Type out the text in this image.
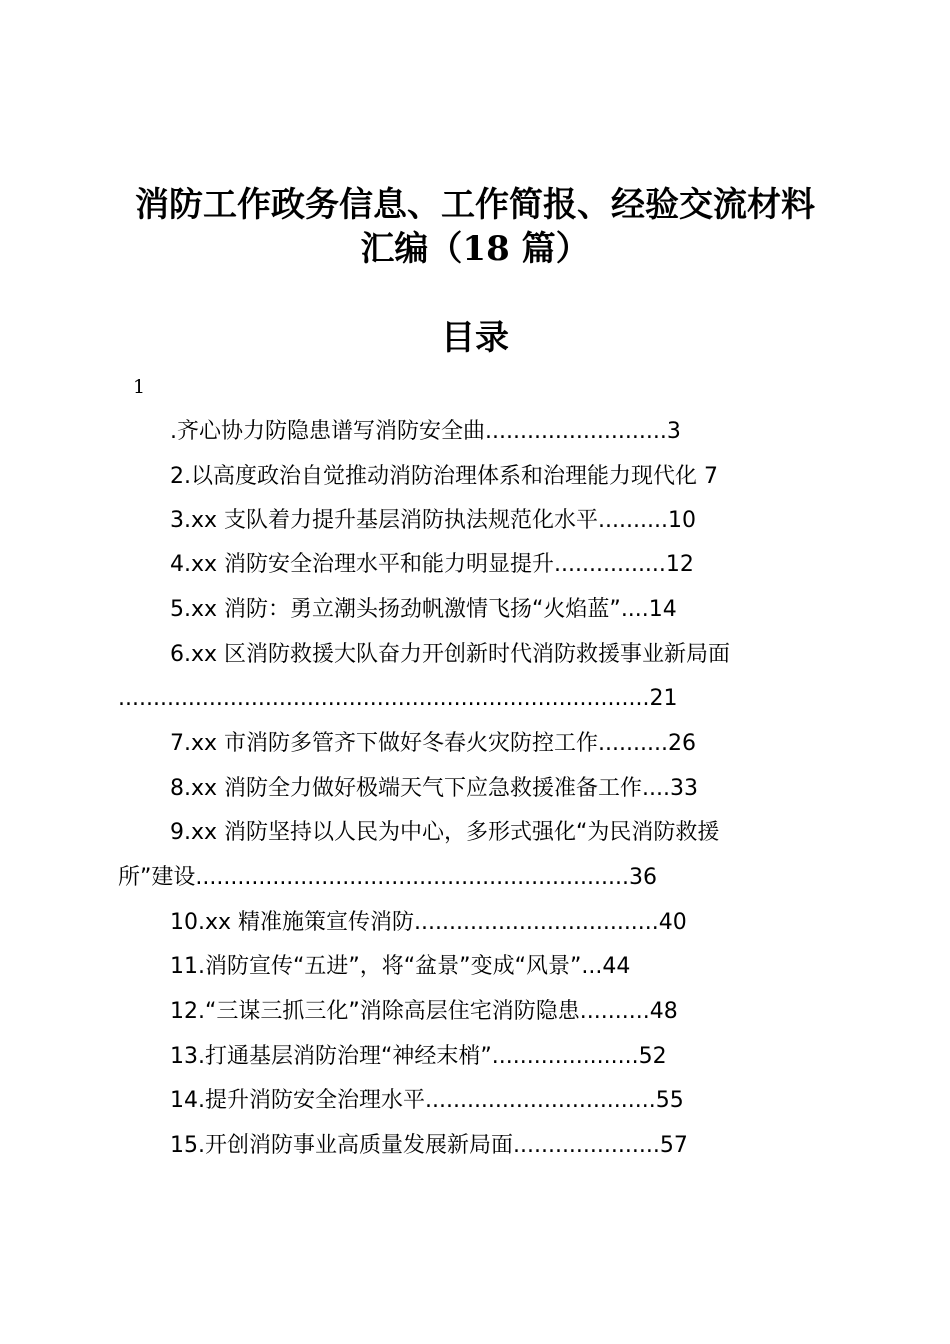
消防工作政务信息、工作简报、经验交流材料
汇编（18 篇）
目录
1
.齐心协力防隐患谱写消防安全曲..........................3
2.以高度政治自觉推动消防治理体系和治理能力现代化 7
3.xx 支队着力提升基层消防执法规范化水平..........10
4.xx 消防安全治理水平和能力明显提升................12
5.xx 消防：勇立潮头扬劲帆激情飞扬“火焰蓝”....14
6.xx 区消防救援大队奋力开创新时代消防救援事业新局面
............................................................................21
7.xx 市消防多管齐下做好冬春火灾防控工作..........26
8.xx 消防全力做好极端天气下应急救援准备工作....33
9.xx 消防坚持以人民为中心，多形式强化“为民消防救援
所”建设..............................................................36
10.xx 精准施策宣传消防...................................40
11.消防宣传“五进”，将“盆景”变成“风景”...44
12.“三谋三抓三化”消除高层住宅消防隐患..........48
13.打通基层消防治理“神经末梢”.....................52
14.提升消防安全治理水平.................................55
15.开创消防事业高质量发展新局面.....................57
